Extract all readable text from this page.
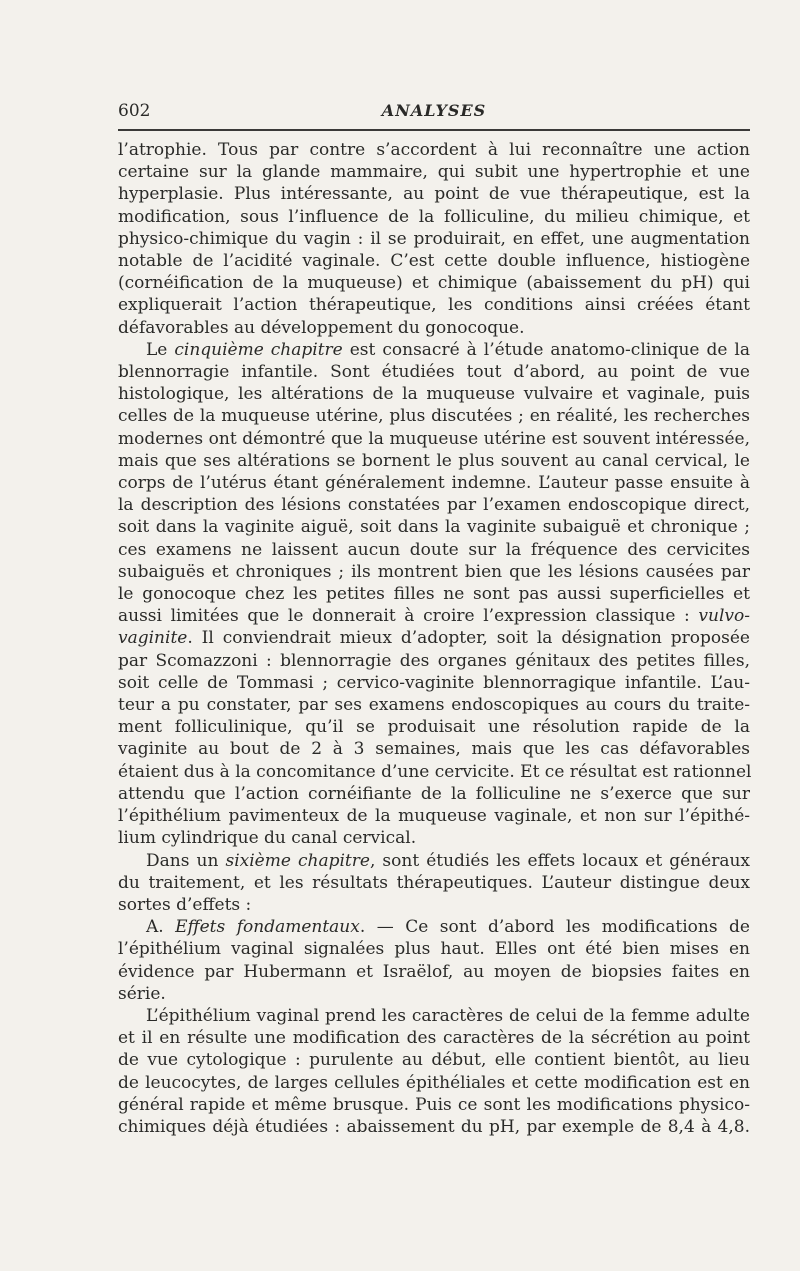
602	ANALYSES
l’atrophie. Tous par contre s’accordent à lui reconnaître une action
certaine sur la glande mammaire, qui subit une hypertrophie et une
hyperplasie. Plus intéressante, au point de vue thérapeutique, est la
modification, sous l’influence de la folliculine, du milieu chimique, et
physico-chimique du vagin : il se produirait, en effet, une augmentation
notable de l’acidité vaginale. C’est cette double influence, histiogène
(cornéification de la muqueuse) et chimique (abaissement du pH) qui
expliquerait l’action thérapeutique, les conditions ainsi créées étant
défavorables au développement du gonocoque.
Le cinquième chapitre est consacré à l’étude anatomo-clinique de la
blennorragie infantile. Sont étudiées tout d’abord, au point de vue
histologique, les altérations de la muqueuse vulvaire et vaginale, puis
celles de la muqueuse utérine, plus discutées ; en réalité, les recherches
modernes ont démontré que la muqueuse utérine est souvent intéressée,
mais que ses altérations se bornent le plus souvent au canal cervical, le
corps de l’utérus étant généralement indemne. L’auteur passe ensuite à
la description des lésions constatées par l’examen endoscopique direct,
soit dans la vaginite aiguë, soit dans la vaginite subaiguë et chronique ;
ces examens ne laissent aucun doute sur la fréquence des cervicites
subaiguës et chroniques ; ils montrent bien que les lésions causées par
le gonocoque chez les petites filles ne sont pas aussi superficielles et
aussi limitées que le donnerait à croire l’expression classique : vulvo-
vaginite. Il conviendrait mieux d’adopter, soit la désignation proposée
par Scomazzoni : blennorragie des organes génitaux des petites filles,
soit celle de Tommasi ; cervico-vaginite blennorragique infantile. L’au-
teur a pu constater, par ses examens endoscopiques au cours du traite-
ment folliculinique, qu’il se produisait une résolution rapide de la
vaginite au bout de 2 à 3 semaines, mais que les cas défavorables
étaient dus à la concomitance d’une cervicite. Et ce résultat est rationnel
attendu que l’action cornéifiante de la folliculine ne s’exerce que sur
l’épithélium pavimenteux de la muqueuse vaginale, et non sur l’épithé-
lium cylindrique du canal cervical.
Dans un sixième chapitre, sont étudiés les effets locaux et généraux
du traitement, et les résultats thérapeutiques. L’auteur distingue deux
sortes d’effets :
A. Effets fondamentaux. — Ce sont d’abord les modifications de
l’épithélium vaginal signalées plus haut. Elles ont été bien mises en
évidence par Hubermann et Israëlof, au moyen de biopsies faites en
série.
L’épithélium vaginal prend les caractères de celui de la femme adulte
et il en résulte une modification des caractères de la sécrétion au point
de vue cytologique : purulente au début, elle contient bientôt, au lieu
de leucocytes, de larges cellules épithéliales et cette modification est en
général rapide et même brusque. Puis ce sont les modifications physico-
chimiques déjà étudiées : abaissement du pH, par exemple de 8,4 à 4,8.
